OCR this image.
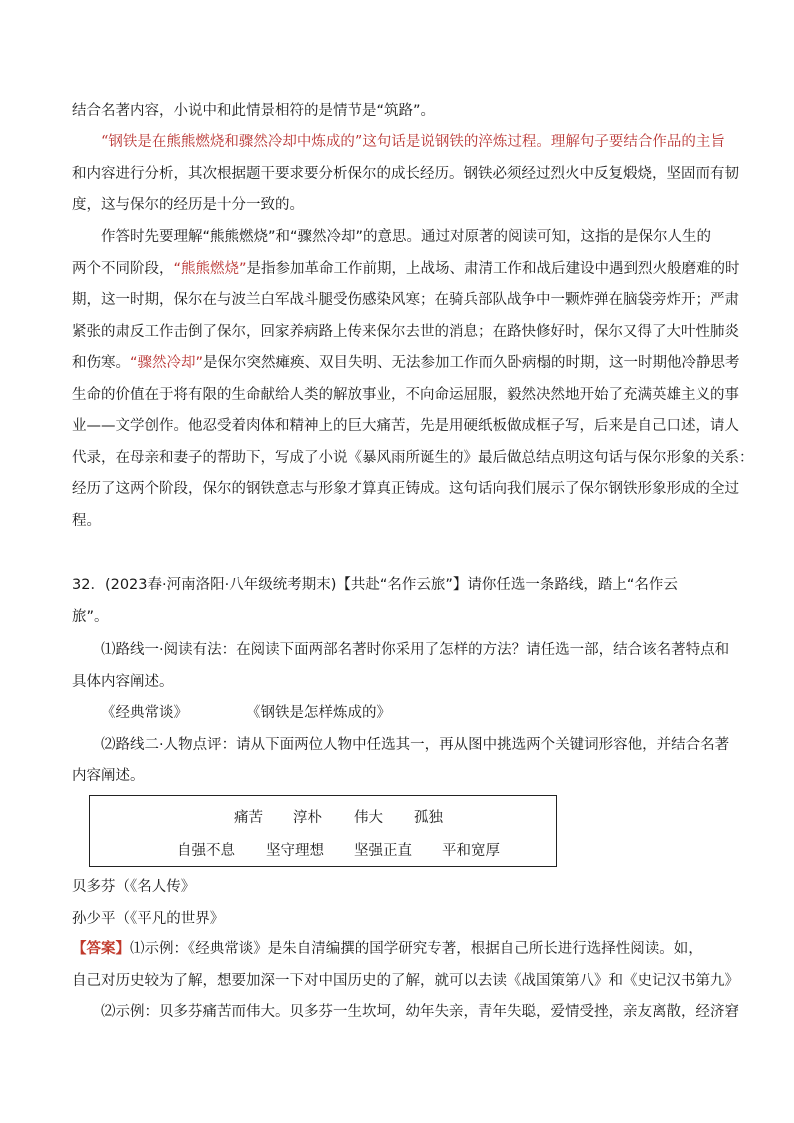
结合名著内容，小说中和此情景相符的是情节是“筑路”。

“钢铁是在熊熊燃烧和骤然冷却中炼成的”这句话是说钢铁的淬炼过程。理解句子要结合作品的主旨
和内容进行分析，其次根据题干要求要分析保尔的成长经历。钢铁必须经过烈火中反复煅烧，坚固而有韧
度，这与保尔的经历是十分一致的。

作答时先要理解“熊熊燃烧”和“骤然冷却”的意思。通过对原著的阅读可知，这指的是保尔人生的
两个不同阶段，“熊熊燃烧”是指参加革命工作前期，上战场、肃清工作和战后建设中遇到烈火般磨难的时
期，这一时期，保尔在与波兰白军战斗腿受伤感染风寒；在骑兵部队战争中一颗炸弹在脑袋旁炸开；严肃
紧张的肃反工作击倒了保尔，回家养病路上传来保尔去世的消息；在路快修好时，保尔又得了大叶性肺炎
和伤寒。“骤然冷却”是保尔突然瘫痪、双目失明、无法参加工作而久卧病榻的时期，这一时期他冷静思考
生命的价值在于将有限的生命献给人类的解放事业，不向命运屈服，毅然决然地开始了充满英雄主义的事
业——文学创作。他忍受着肉体和精神上的巨大痛苦，先是用硬纸板做成框子写，后来是自己口述，请人
代录，在母亲和妻子的帮助下，写成了小说《暴风雨所诞生的》最后做总结点明这句话与保尔形象的关系：
经历了这两个阶段，保尔的钢铁意志与形象才算真正铸成。这句话向我们展示了保尔钢铁形象形成的全过
程。

32．(2023春·河南洛阳·八年级统考期末)【共赴“名作云旅”】请你任选一条路线，踏上“名作云
旅”。

⑴路线一·阅读有法：在阅读下面两部名著时你采用了怎样的方法？请任选一部，结合该名著特点和
具体内容阐述。
《经典常谈》	《钢铁是怎样炼成的》
⑵路线二·人物点评：请从下面两位人物中任选其一，再从图中挑选两个关键词形容他，并结合名著
内容阐述。

痛苦 淳朴 伟大 孤独
自强不息 坚守理想 坚强正直 平和宽厚

贝多芬（《名人传》
孙少平（《平凡的世界》

【答案】⑴示例：《经典常谈》是朱自清编撰的国学研究专著，根据自己所长进行选择性阅读。如，
自己对历史较为了解，想要加深一下对中国历史的了解，就可以去读《战国策第八》和《史记汉书第九》
⑵示例：贝多芬痛苦而伟大。贝多芬一生坎坷，幼年失亲，青年失聪，爱情受挫，亲友离散，经济窘
